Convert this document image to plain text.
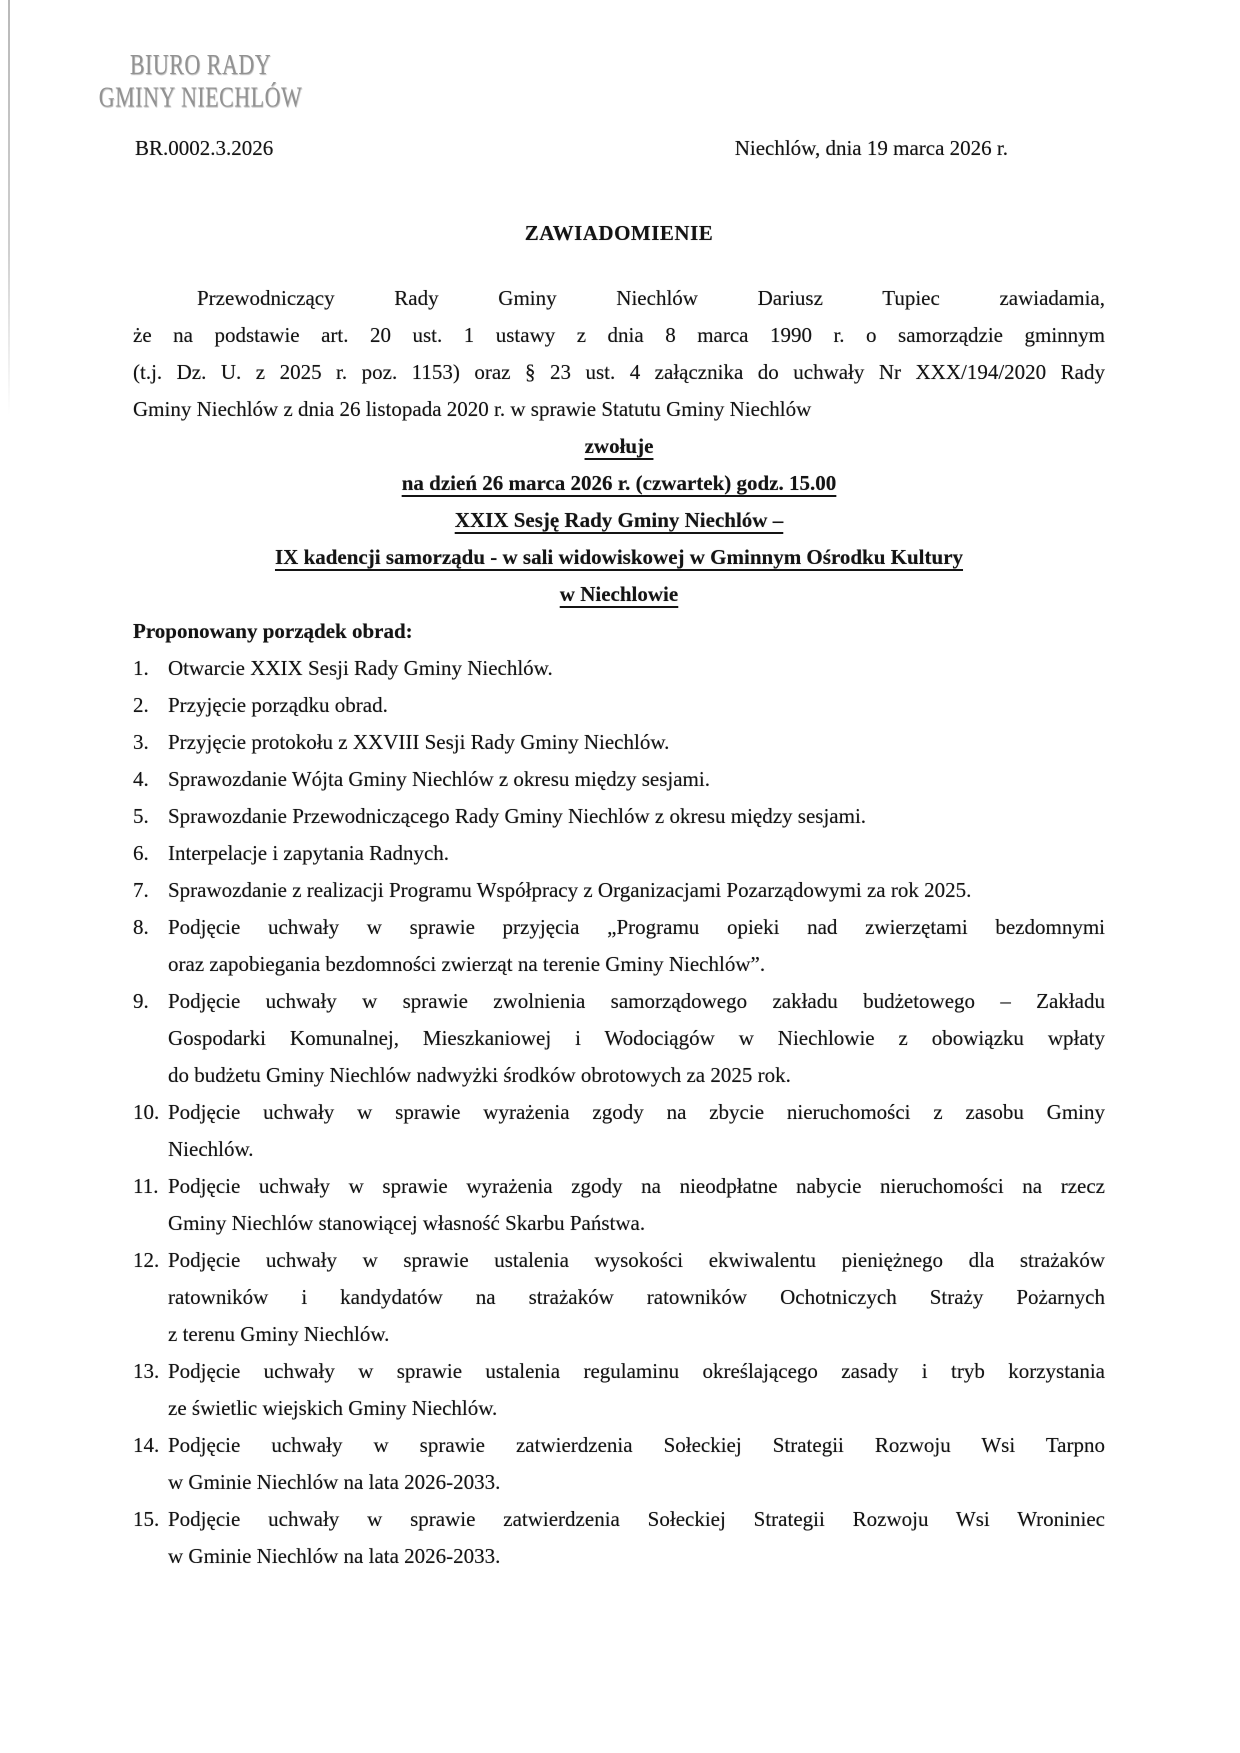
BIURO RADY
GMINY NIECHLÓW
BR.0002.3.2026	Niechlów, dnia 19 marca 2026 r.
ZAWIADOMIENIE
Przewodniczący Rady Gminy Niechlów Dariusz Tupiec zawiadamia,
że na podstawie art. 20 ust. 1 ustawy z dnia 8 marca 1990 r. o samorządzie gminnym
(t.j. Dz. U. z 2025 r. poz. 1153) oraz § 23 ust. 4 załącznika do uchwały Nr XXX/194/2020 Rady
Gminy Niechlów z dnia 26 listopada 2020 r. w sprawie Statutu Gminy Niechlów
zwołuje
na dzień 26 marca 2026 r. (czwartek) godz. 15.00
XXIX Sesję Rady Gminy Niechlów –
IX kadencji samorządu - w sali widowiskowej w Gminnym Ośrodku Kultury
w Niechlowie
Proponowany porządek obrad:
1. Otwarcie XXIX Sesji Rady Gminy Niechlów.
2. Przyjęcie porządku obrad.
3. Przyjęcie protokołu z XXVIII Sesji Rady Gminy Niechlów.
4. Sprawozdanie Wójta Gminy Niechlów z okresu między sesjami.
5. Sprawozdanie Przewodniczącego Rady Gminy Niechlów z okresu między sesjami.
6. Interpelacje i zapytania Radnych.
7. Sprawozdanie z realizacji Programu Współpracy z Organizacjami Pozarządowymi za rok 2025.
8. Podjęcie uchwały w sprawie przyjęcia „Programu opieki nad zwierzętami bezdomnymi
oraz zapobiegania bezdomności zwierząt na terenie Gminy Niechlów”.
9. Podjęcie uchwały w sprawie zwolnienia samorządowego zakładu budżetowego – Zakładu
Gospodarki Komunalnej, Mieszkaniowej i Wodociągów w Niechlowie z obowiązku wpłaty
do budżetu Gminy Niechlów nadwyżki środków obrotowych za 2025 rok.
10. Podjęcie uchwały w sprawie wyrażenia zgody na zbycie nieruchomości z zasobu Gminy
Niechlów.
11. Podjęcie uchwały w sprawie wyrażenia zgody na nieodpłatne nabycie nieruchomości na rzecz
Gminy Niechlów stanowiącej własność Skarbu Państwa.
12. Podjęcie uchwały w sprawie ustalenia wysokości ekwiwalentu pieniężnego dla strażaków
ratowników i kandydatów na strażaków ratowników Ochotniczych Straży Pożarnych
z terenu Gminy Niechlów.
13. Podjęcie uchwały w sprawie ustalenia regulaminu określającego zasady i tryb korzystania
ze świetlic wiejskich Gminy Niechlów.
14. Podjęcie uchwały w sprawie zatwierdzenia Sołeckiej Strategii Rozwoju Wsi Tarpno
w Gminie Niechlów na lata 2026-2033.
15. Podjęcie uchwały w sprawie zatwierdzenia Sołeckiej Strategii Rozwoju Wsi Wroniniec
w Gminie Niechlów na lata 2026-2033.
